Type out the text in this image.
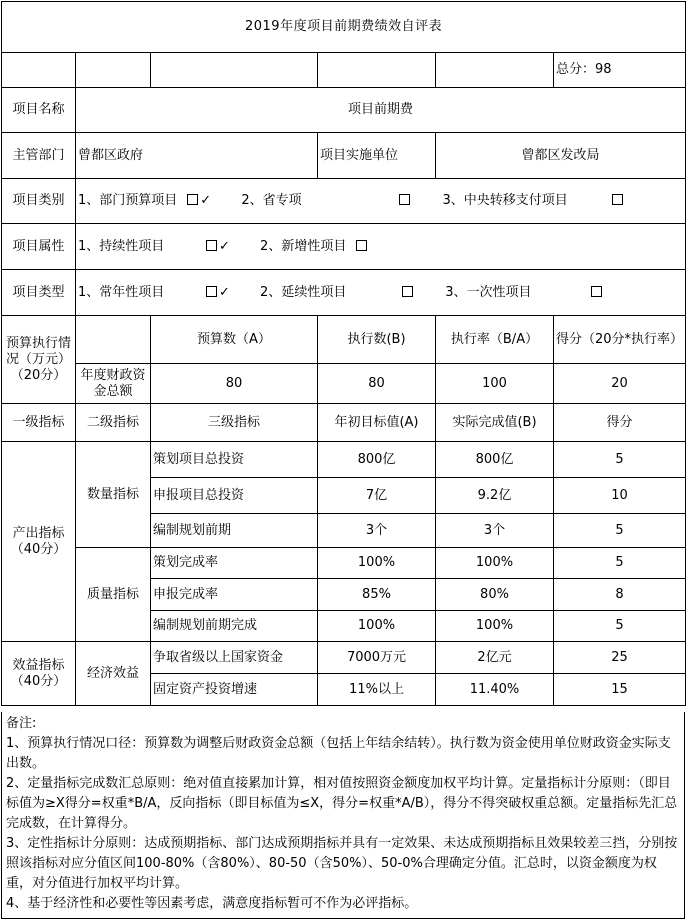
2019年度项目前期费绩效自评表					
					总分：98
项目名称	项目前期费				
主管部门	曾都区政府		项目实施单位	曾都区发改局	
项目类别	1、部门预算项目 ✓ 2、省专项 3、中央转移支付项目				
项目属性	1、持续性项目 ✓ 2、新增性项目				
项目类型	1、常年性项目 ✓ 2、延续性项目 3、一次性项目				
预算执行情况（万元）（20分）		预算数（A）	执行数(B)	执行率（B/A）	得分（20分*执行率）
	年度财政资金总额	80	80	100	20
一级指标	二级指标	三级指标	年初目标值(A)	实际完成值(B)	得分
产出指标（40分）	数量指标	策划项目总投资	800亿	800亿	5
		申报项目总投资	7亿	9.2亿	10
		编制规划前期	3个	3个	5
	质量指标	策划完成率	100%	100%	5
		申报完成率	85%	80%	8
		编制规划前期完成	100%	100%	5
效益指标（40分）	经济效益	争取省级以上国家资金	7000万元	2亿元	25
		固定资产投资增速	11%以上	11.40%	15
备注:
1、预算执行情况口径：预算数为调整后财政资金总额（包括上年结余结转）。执行数为资金使用单位财政资金实际支出数。
2、定量指标完成数汇总原则：绝对值直接累加计算，相对值按照资金额度加权平均计算。定量指标计分原则：（即目标值为≥X得分=权重*B/A，反向指标（即目标值为≤X，得分=权重*A/B），得分不得突破权重总额。定量指标先汇总完成数，在计算得分。
3、定性指标计分原则：达成预期指标、部门达成预期指标并具有一定效果、未达成预期指标且效果较差三挡，分别按照该指标对应分值区间100-80%（含80%）、80-50（含50%）、50-0%合理确定分值。汇总时，以资金额度为权重，对分值进行加权平均计算。
4、基于经济性和必要性等因素考虑，满意度指标暂可不作为必评指标。
